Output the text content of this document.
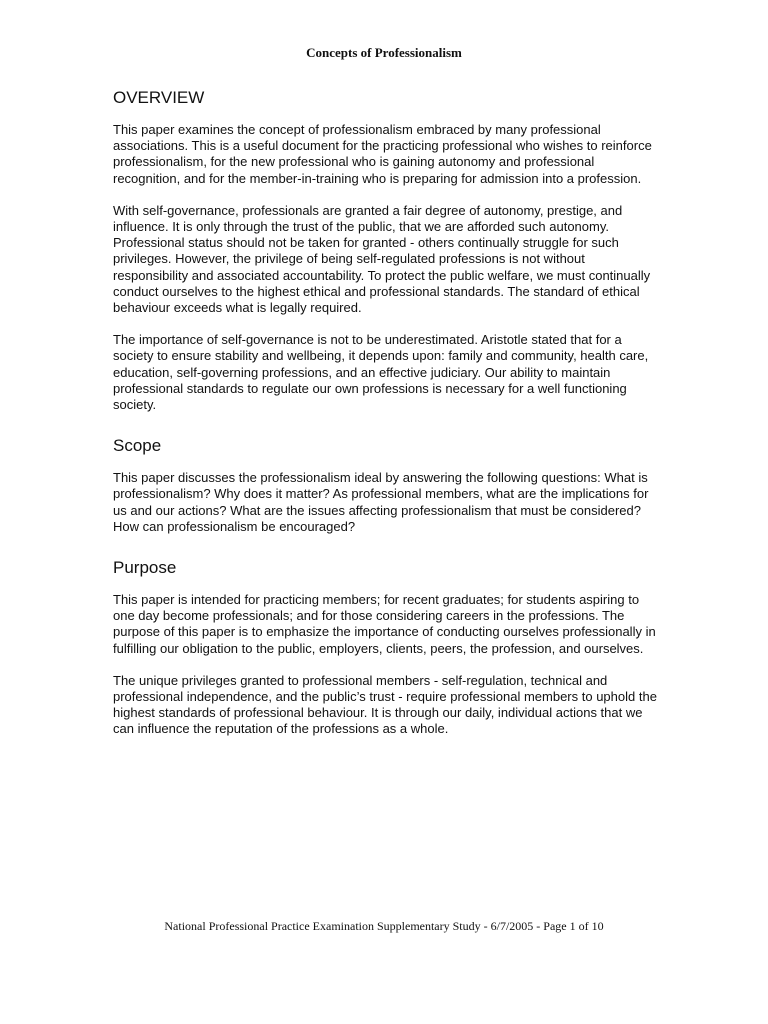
Concepts of Professionalism
OVERVIEW

This paper examines the concept of professionalism embraced by many professional associations. This is a useful document for the practicing professional who wishes to reinforce professionalism, for the new professional who is gaining autonomy and professional recognition, and for the member-in-training who is preparing for admission into a profession.

With self-governance, professionals are granted a fair degree of autonomy, prestige, and influence. It is only through the trust of the public, that we are afforded such autonomy. Professional status should not be taken for granted - others continually struggle for such privileges. However, the privilege of being self-regulated professions is not without responsibility and associated accountability. To protect the public welfare, we must continually conduct ourselves to the highest ethical and professional standards. The standard of ethical behaviour exceeds what is legally required.

The importance of self-governance is not to be underestimated. Aristotle stated that for a society to ensure stability and wellbeing, it depends upon: family and community, health care, education, self-governing professions, and an effective judiciary. Our ability to maintain professional standards to regulate our own professions is necessary for a well functioning society.

Scope

This paper discusses the professionalism ideal by answering the following questions: What is professionalism? Why does it matter? As professional members, what are the implications for us and our actions? What are the issues affecting professionalism that must be considered? How can professionalism be encouraged?

Purpose

This paper is intended for practicing members; for recent graduates; for students aspiring to one day become professionals; and for those considering careers in the professions. The purpose of this paper is to emphasize the importance of conducting ourselves professionally in fulfilling our obligation to the public, employers, clients, peers, the profession, and ourselves.

The unique privileges granted to professional members - self-regulation, technical and professional independence, and the public’s trust - require professional members to uphold the highest standards of professional behaviour. It is through our daily, individual actions that we can influence the reputation of the professions as a whole.

National Professional Practice Examination Supplementary Study - 6/7/2005 - Page 1 of 10
